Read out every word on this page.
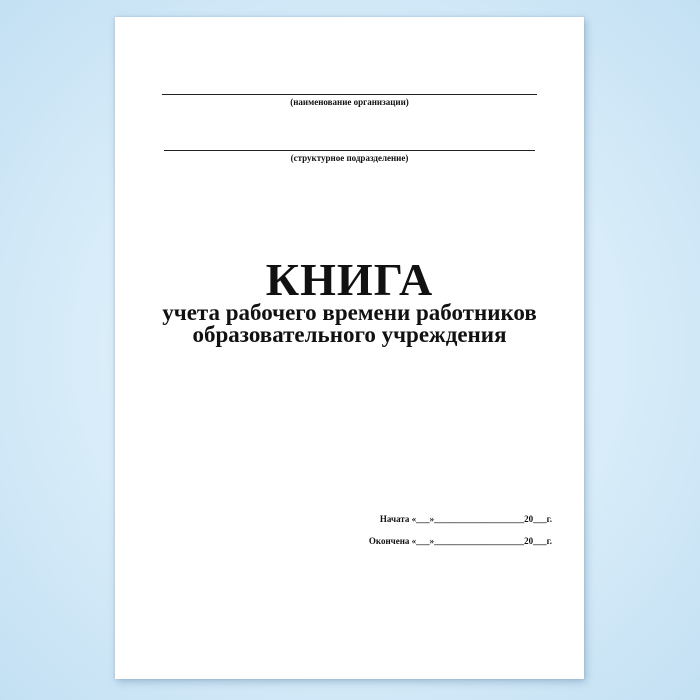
(наименование организации)
(структурное подразделение)
КНИГА
учета рабочего времени работников
образовательного учреждения
Начата «___»____________________20___г.
Окончена «___»____________________20___г.
